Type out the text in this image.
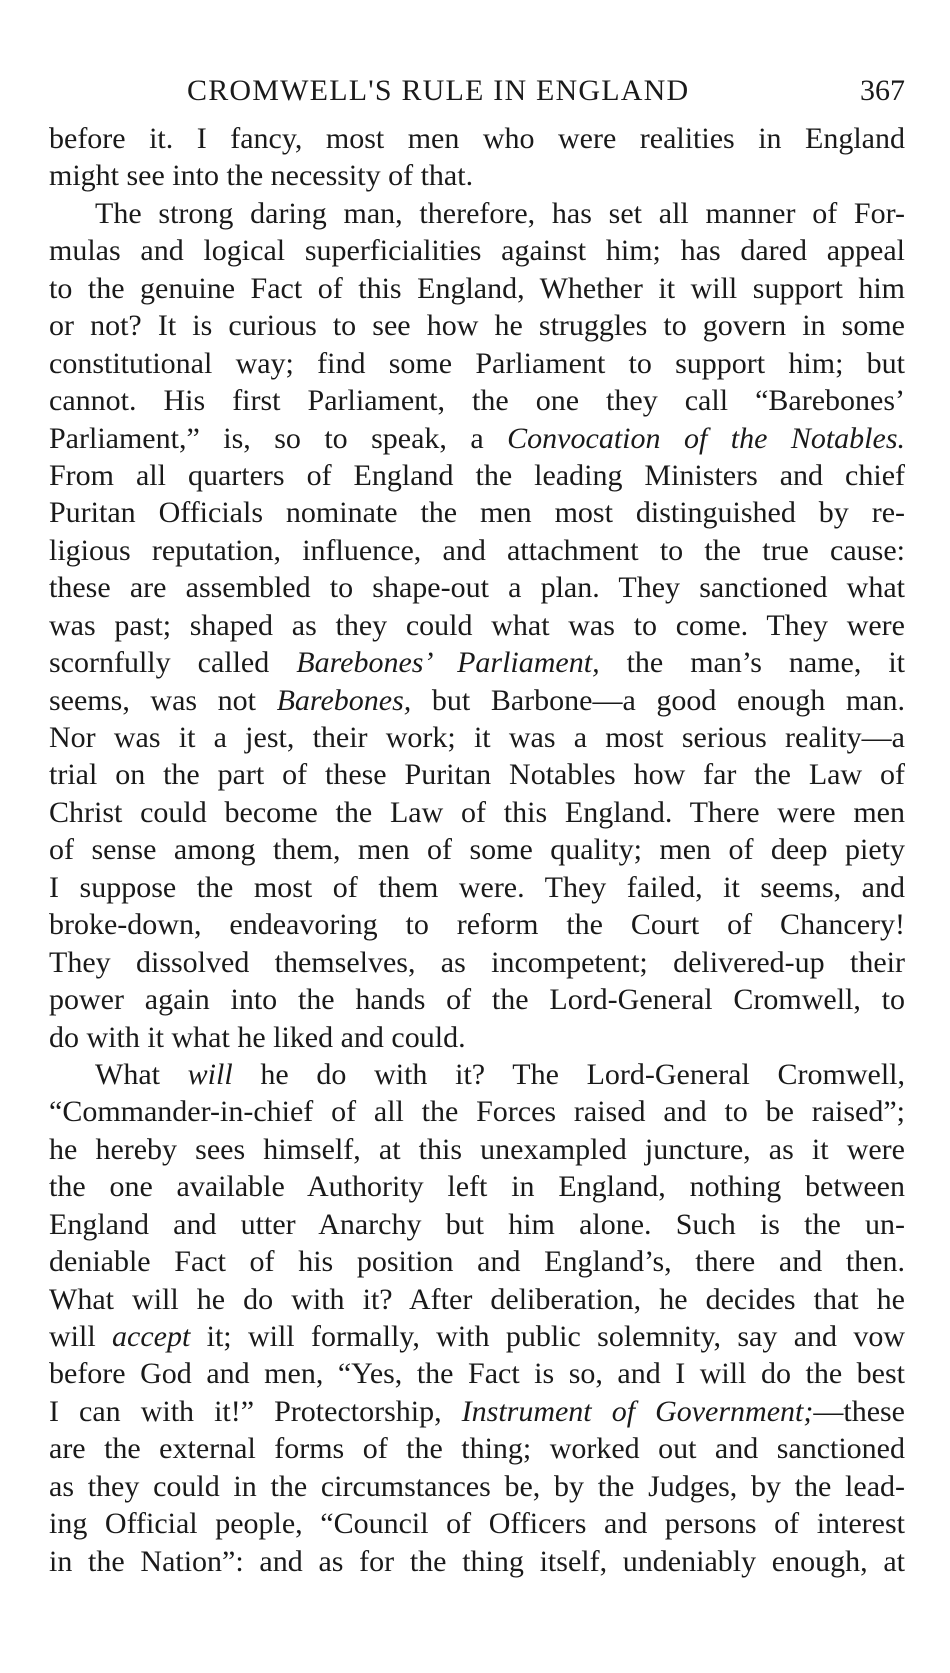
CROMWELL'S RULE IN ENGLAND	367
before it. I fancy, most men who were realities in England
might see into the necessity of that.
The strong daring man, therefore, has set all manner of For-
mulas and logical superficialities against him; has dared appeal
to the genuine Fact of this England, Whether it will support him
or not? It is curious to see how he struggles to govern in some
constitutional way; find some Parliament to support him; but
cannot. His first Parliament, the one they call “Barebones’
Parliament,” is, so to speak, a Convocation of the Notables.
From all quarters of England the leading Ministers and chief
Puritan Officials nominate the men most distinguished by re-
ligious reputation, influence, and attachment to the true cause:
these are assembled to shape-out a plan. They sanctioned what
was past; shaped as they could what was to come. They were
scornfully called Barebones’ Parliament, the man’s name, it
seems, was not Barebones, but Barbone—a good enough man.
Nor was it a jest, their work; it was a most serious reality—a
trial on the part of these Puritan Notables how far the Law of
Christ could become the Law of this England. There were men
of sense among them, men of some quality; men of deep piety
I suppose the most of them were. They failed, it seems, and
broke-down, endeavoring to reform the Court of Chancery!
They dissolved themselves, as incompetent; delivered-up their
power again into the hands of the Lord-General Cromwell, to
do with it what he liked and could.
What will he do with it? The Lord-General Cromwell,
“Commander-in-chief of all the Forces raised and to be raised”;
he hereby sees himself, at this unexampled juncture, as it were
the one available Authority left in England, nothing between
England and utter Anarchy but him alone. Such is the un-
deniable Fact of his position and England’s, there and then.
What will he do with it? After deliberation, he decides that he
will accept it; will formally, with public solemnity, say and vow
before God and men, “Yes, the Fact is so, and I will do the best
I can with it!” Protectorship, Instrument of Government;—these
are the external forms of the thing; worked out and sanctioned
as they could in the circumstances be, by the Judges, by the lead-
ing Official people, “Council of Officers and persons of interest
in the Nation”: and as for the thing itself, undeniably enough, at
